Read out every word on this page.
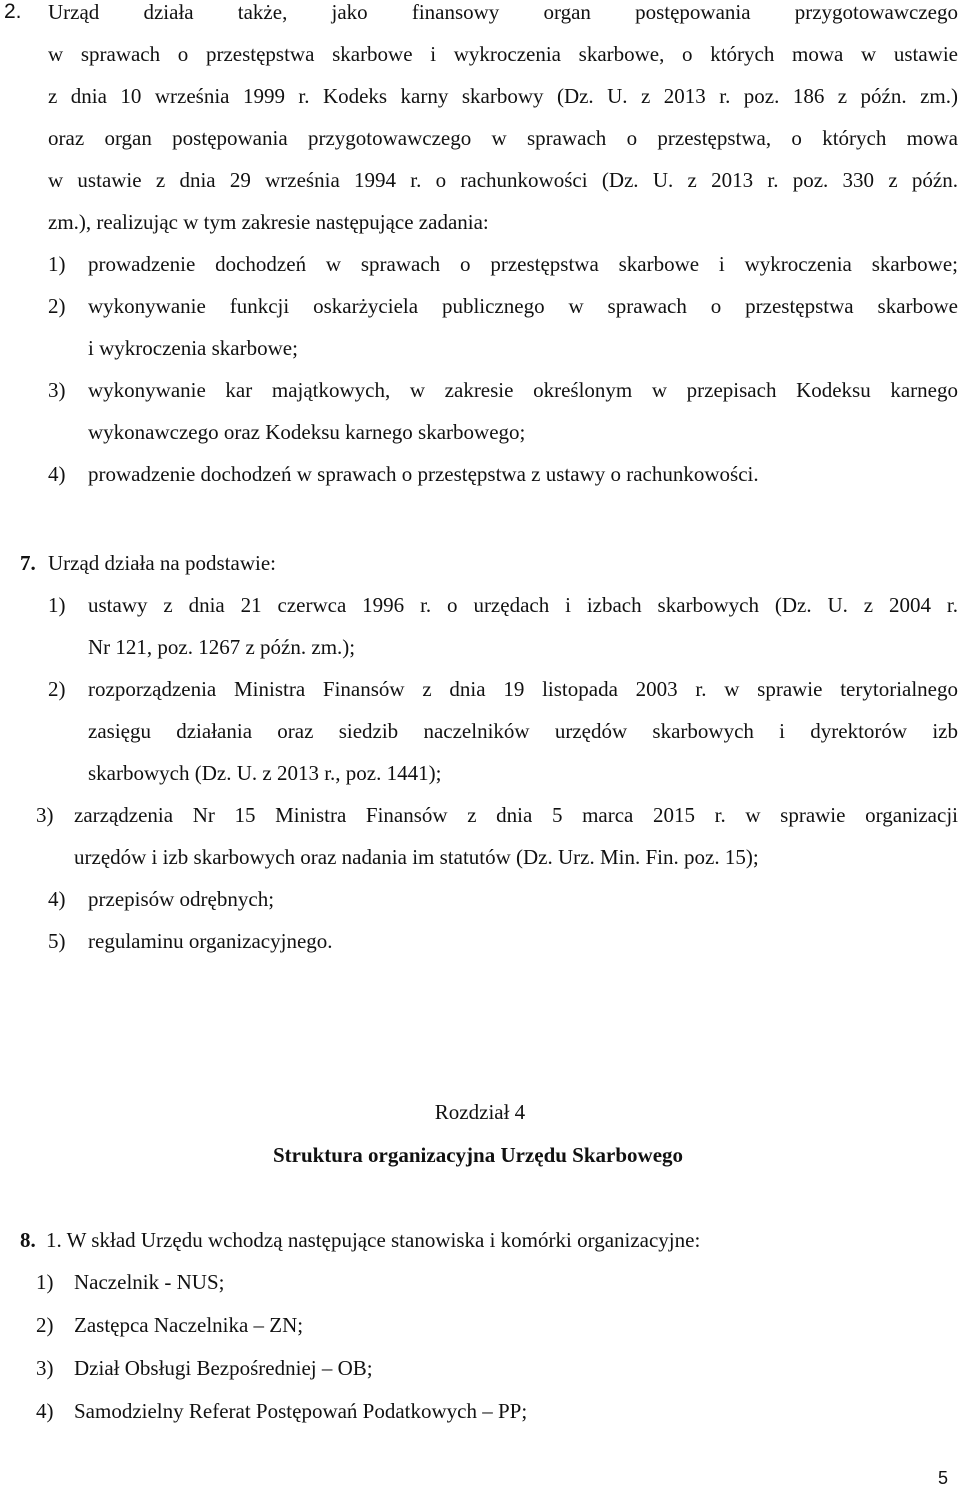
2. Urząd działa także, jako finansowy organ postępowania przygotowawczego
w sprawach o przestępstwa skarbowe i wykroczenia skarbowe, o których mowa w ustawie
z dnia 10 września 1999 r. Kodeks karny skarbowy (Dz. U. z 2013 r. poz. 186 z późn. zm.)
oraz organ postępowania przygotowawczego w sprawach o przestępstwa, o których mowa
w ustawie z dnia 29 września 1994 r. o rachunkowości (Dz. U. z 2013 r. poz. 330 z późn.
zm.), realizując w tym zakresie następujące zadania:
1) prowadzenie dochodzeń w sprawach o przestępstwa skarbowe i wykroczenia skarbowe;
2) wykonywanie funkcji oskarżyciela publicznego w sprawach o przestępstwa skarbowe
i wykroczenia skarbowe;
3) wykonywanie kar majątkowych, w zakresie określonym w przepisach Kodeksu karnego
wykonawczego oraz Kodeksu karnego skarbowego;
4) prowadzenie dochodzeń w sprawach o przestępstwa z ustawy o rachunkowości.
7. Urząd działa na podstawie:
1) ustawy z dnia 21 czerwca 1996 r. o urzędach i izbach skarbowych (Dz. U. z 2004 r.
Nr 121, poz. 1267 z późn. zm.);
2) rozporządzenia Ministra Finansów z dnia 19 listopada 2003 r. w sprawie terytorialnego
zasięgu działania oraz siedzib naczelników urzędów skarbowych i dyrektorów izb
skarbowych (Dz. U. z 2013 r., poz. 1441);
3) zarządzenia Nr 15 Ministra Finansów z dnia 5 marca 2015 r. w sprawie organizacji
urzędów i izb skarbowych oraz nadania im statutów (Dz. Urz. Min. Fin. poz. 15);
4) przepisów odrębnych;
5) regulaminu organizacyjnego.
Rozdział 4
Struktura organizacyjna Urzędu Skarbowego
8. 1. W skład Urzędu wchodzą następujące stanowiska i komórki organizacyjne:
1) Naczelnik - NUS;
2) Zastępca Naczelnika – ZN;
3) Dział Obsługi Bezpośredniej – OB;
4) Samodzielny Referat Postępowań Podatkowych – PP;
5
